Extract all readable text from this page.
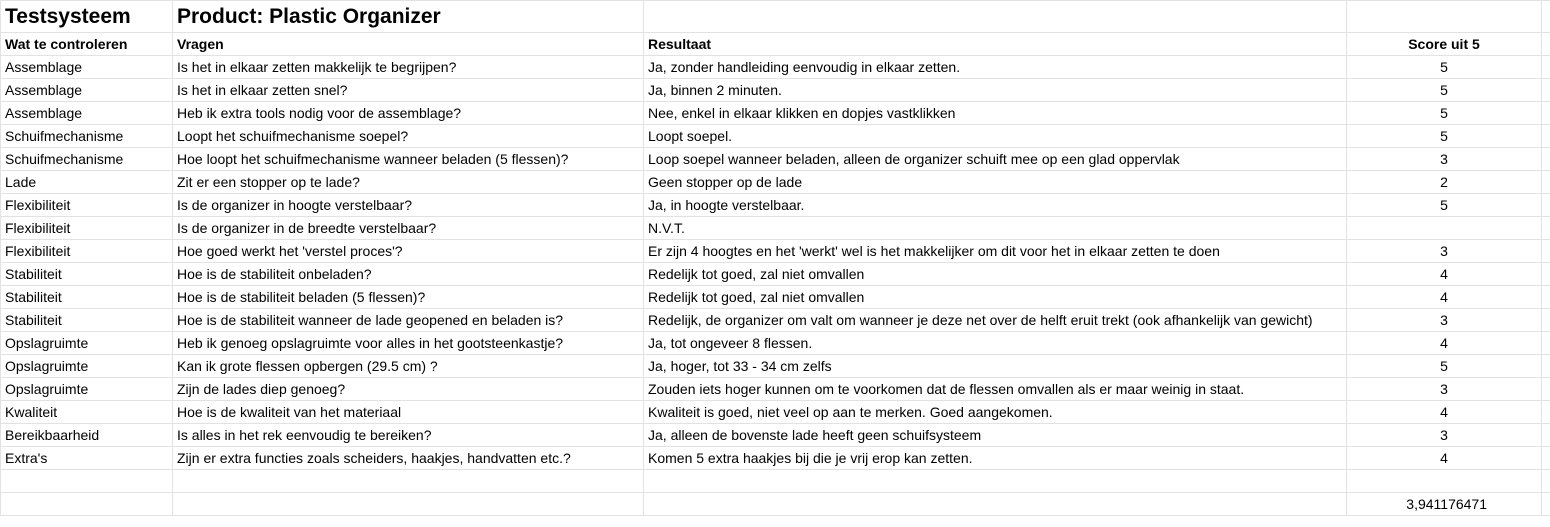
Testsysteem	Product: Plastic Organizer			
Wat te controleren	Vragen	Resultaat	Score uit 5	
Assemblage	Is het in elkaar zetten makkelijk te begrijpen?	Ja, zonder handleiding eenvoudig in elkaar zetten.	5	
Assemblage	Is het in elkaar zetten snel?	Ja, binnen 2 minuten.	5	
Assemblage	Heb ik extra tools nodig voor de assemblage?	Nee, enkel in elkaar klikken en dopjes vastklikken	5	
Schuifmechanisme	Loopt het schuifmechanisme soepel?	Loopt soepel.	5	
Schuifmechanisme	Hoe loopt het schuifmechanisme wanneer beladen (5 flessen)?	Loop soepel wanneer beladen, alleen de organizer schuift mee op een glad oppervlak	3	
Lade	Zit er een stopper op te lade?	Geen stopper op de lade	2	
Flexibiliteit	Is de organizer in hoogte verstelbaar?	Ja, in hoogte verstelbaar.	5	
Flexibiliteit	Is de organizer in de breedte verstelbaar?	N.V.T.		
Flexibiliteit	Hoe goed werkt het 'verstel proces'?	Er zijn 4 hoogtes en het 'werkt' wel is het makkelijker om dit voor het in elkaar zetten te doen	3	
Stabiliteit	Hoe is de stabiliteit onbeladen?	Redelijk tot goed, zal niet omvallen	4	
Stabiliteit	Hoe is de stabiliteit beladen (5 flessen)?	Redelijk tot goed, zal niet omvallen	4	
Stabiliteit	Hoe is de stabiliteit wanneer de lade geopened en beladen is?	Redelijk, de organizer om valt om wanneer je deze net over de helft eruit trekt (ook afhankelijk van gewicht)	3	
Opslagruimte	Heb ik genoeg opslagruimte voor alles in het gootsteenkastje?	Ja, tot ongeveer 8 flessen.	4	
Opslagruimte	Kan ik grote flessen opbergen (29.5 cm) ?	Ja, hoger, tot 33 - 34 cm zelfs	5	
Opslagruimte	Zijn de lades diep genoeg?	Zouden iets hoger kunnen om te voorkomen dat de flessen omvallen als er maar weinig in staat.	3	
Kwaliteit	Hoe is de kwaliteit van het materiaal	Kwaliteit is goed, niet veel op aan te merken. Goed aangekomen.	4	
Bereikbaarheid	Is alles in het rek eenvoudig te bereiken?	Ja, alleen de bovenste lade heeft geen schuifsysteem	3	
Extra's	Zijn er extra functies zoals scheiders, haakjes, handvatten etc.?	Komen 5 extra haakjes bij die je vrij erop kan zetten.	4	

			3,941176471	
